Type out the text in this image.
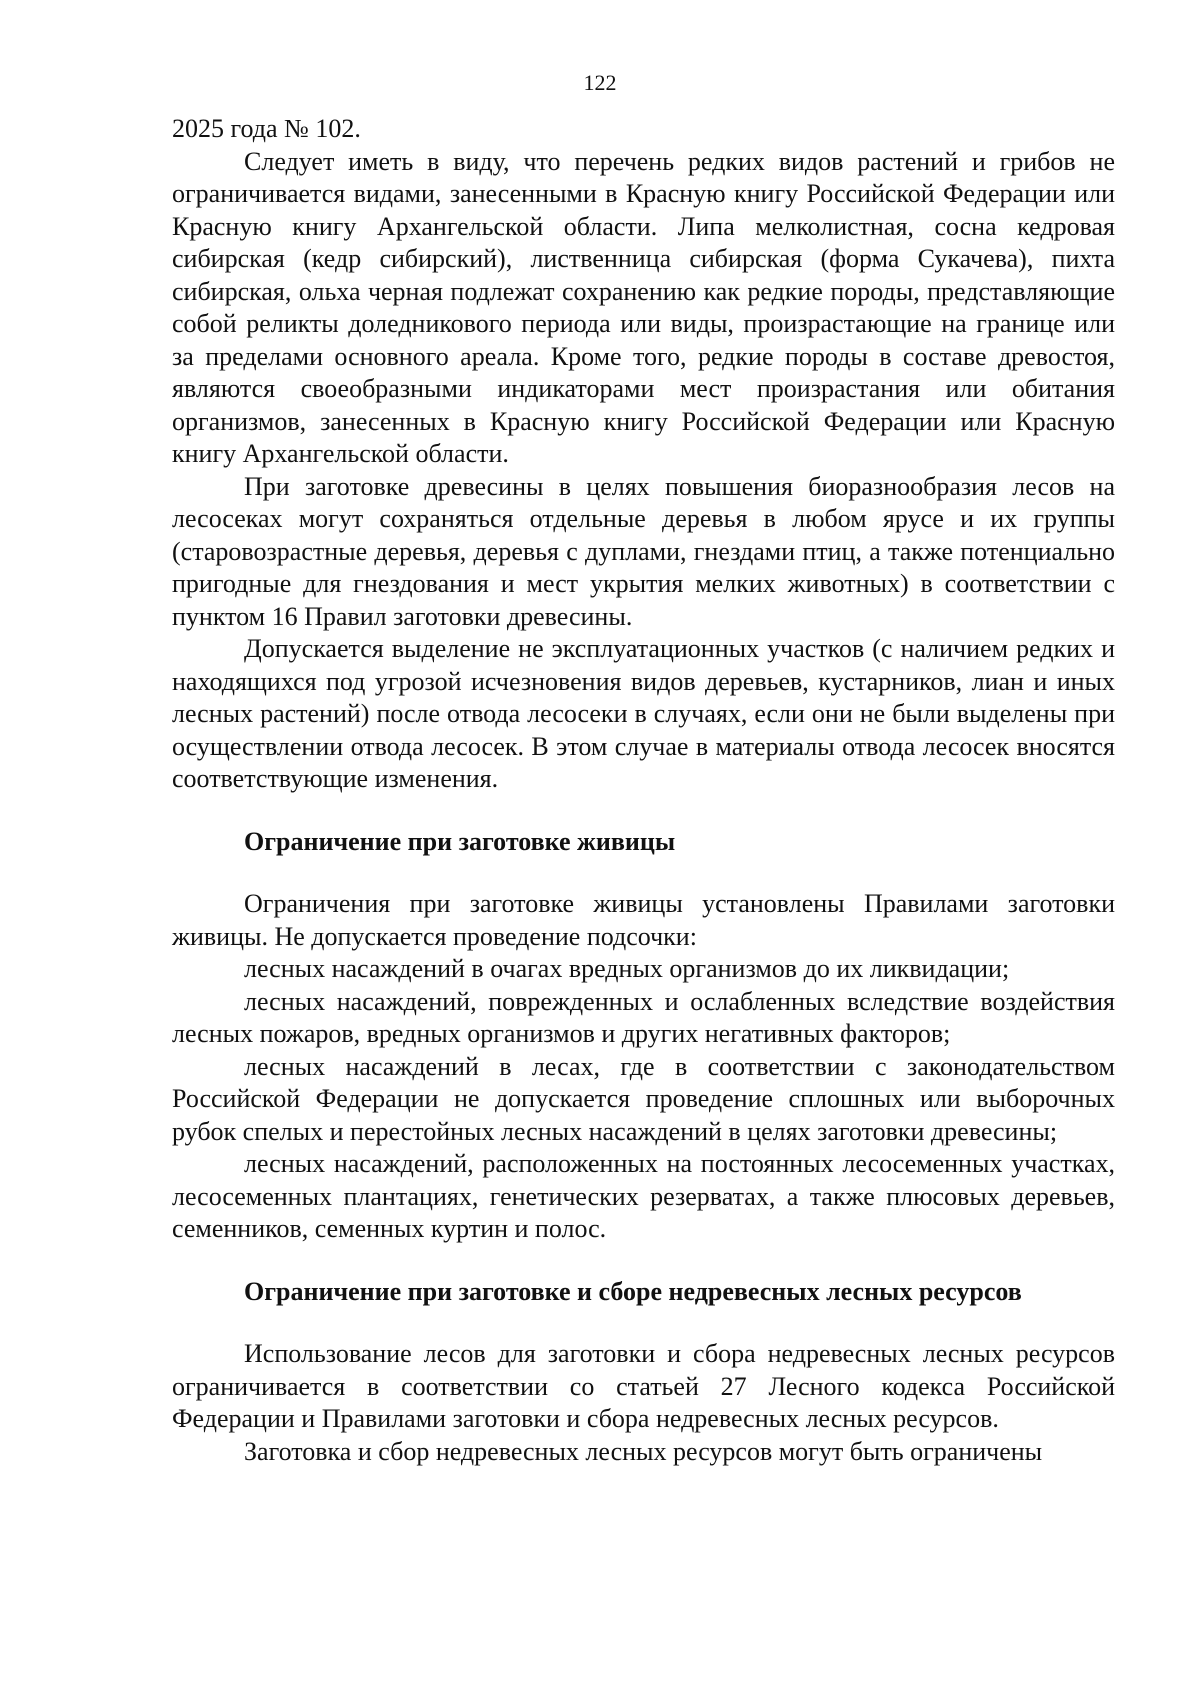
122

2025 года № 102.

Следует иметь в виду, что перечень редких видов растений и грибов не ограничивается видами, занесенными в Красную книгу Российской Федерации или Красную книгу Архангельской области. Липа мелколистная, сосна кедровая сибирская (кедр сибирский), лиственница сибирская (форма Сукачева), пихта сибирская, ольха черная подлежат сохранению как редкие породы, представляющие собой реликты доледникового периода или виды, произрастающие на границе или за пределами основного ареала. Кроме того, редкие породы в составе древостоя, являются своеобразными индикаторами мест произрастания или обитания организмов, занесенных в Красную книгу Российской Федерации или Красную книгу Архангельской области.

При заготовке древесины в целях повышения биоразнообразия лесов на лесосеках могут сохраняться отдельные деревья в любом ярусе и их группы (старовозрастные деревья, деревья с дуплами, гнездами птиц, а также потенциально пригодные для гнездования и мест укрытия мелких животных) в соответствии с пунктом 16 Правил заготовки древесины.

Допускается выделение не эксплуатационных участков (с наличием редких и находящихся под угрозой исчезновения видов деревьев, кустарников, лиан и иных лесных растений) после отвода лесосеки в случаях, если они не были выделены при осуществлении отвода лесосек. В этом случае в материалы отвода лесосек вносятся соответствующие изменения.

Ограничение при заготовке живицы

Ограничения при заготовке живицы установлены Правилами заготовки живицы. Не допускается проведение подсочки:

лесных насаждений в очагах вредных организмов до их ликвидации;

лесных насаждений, поврежденных и ослабленных вследствие воздействия лесных пожаров, вредных организмов и других негативных факторов;

лесных насаждений в лесах, где в соответствии с законодательством Российской Федерации не допускается проведение сплошных или выборочных рубок спелых и перестойных лесных насаждений в целях заготовки древесины;

лесных насаждений, расположенных на постоянных лесосеменных участках, лесосеменных плантациях, генетических резерватах, а также плюсовых деревьев, семенников, семенных куртин и полос.

Ограничение при заготовке и сборе недревесных лесных ресурсов

Использование лесов для заготовки и сбора недревесных лесных ресурсов ограничивается в соответствии со статьей 27 Лесного кодекса Российской Федерации и Правилами заготовки и сбора недревесных лесных ресурсов.

Заготовка и сбор недревесных лесных ресурсов могут быть ограничены
